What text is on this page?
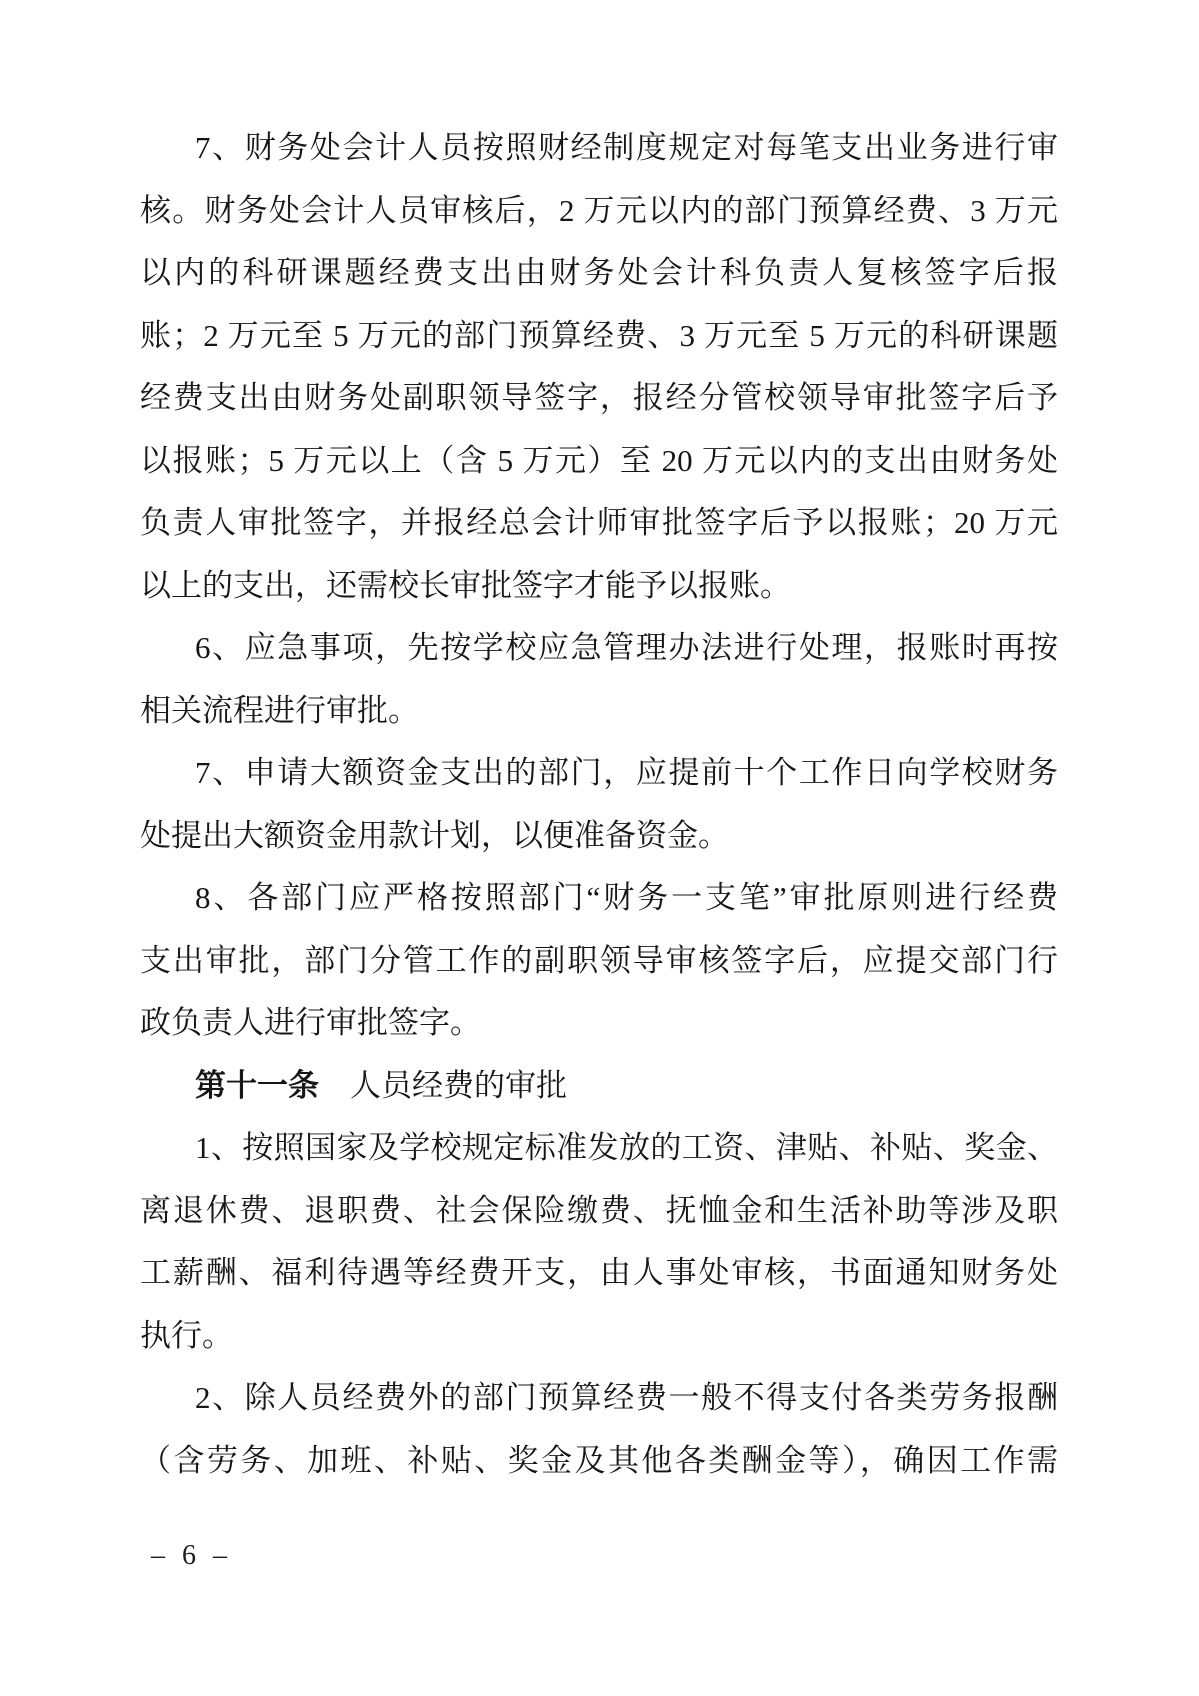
7、财务处会计人员按照财经制度规定对每笔支出业务进行审
核。财务处会计人员审核后，2 万元以内的部门预算经费、3 万元
以内的科研课题经费支出由财务处会计科负责人复核签字后报
账；2 万元至 5 万元的部门预算经费、3 万元至 5 万元的科研课题
经费支出由财务处副职领导签字，报经分管校领导审批签字后予
以报账；5 万元以上（含 5 万元）至 20 万元以内的支出由财务处
负责人审批签字，并报经总会计师审批签字后予以报账；20 万元
以上的支出，还需校长审批签字才能予以报账。
6、应急事项，先按学校应急管理办法进行处理，报账时再按
相关流程进行审批。
7、申请大额资金支出的部门，应提前十个工作日向学校财务
处提出大额资金用款计划，以便准备资金。
8、各部门应严格按照部门“财务一支笔”审批原则进行经费
支出审批，部门分管工作的副职领导审核签字后，应提交部门行
政负责人进行审批签字。
第十一条　人员经费的审批
1、按照国家及学校规定标准发放的工资、津贴、补贴、奖金、
离退休费、退职费、社会保险缴费、抚恤金和生活补助等涉及职
工薪酬、福利待遇等经费开支，由人事处审核，书面通知财务处
执行。
2、除人员经费外的部门预算经费一般不得支付各类劳务报酬
（含劳务、加班、补贴、奖金及其他各类酬金等），确因工作需
– 6 –
